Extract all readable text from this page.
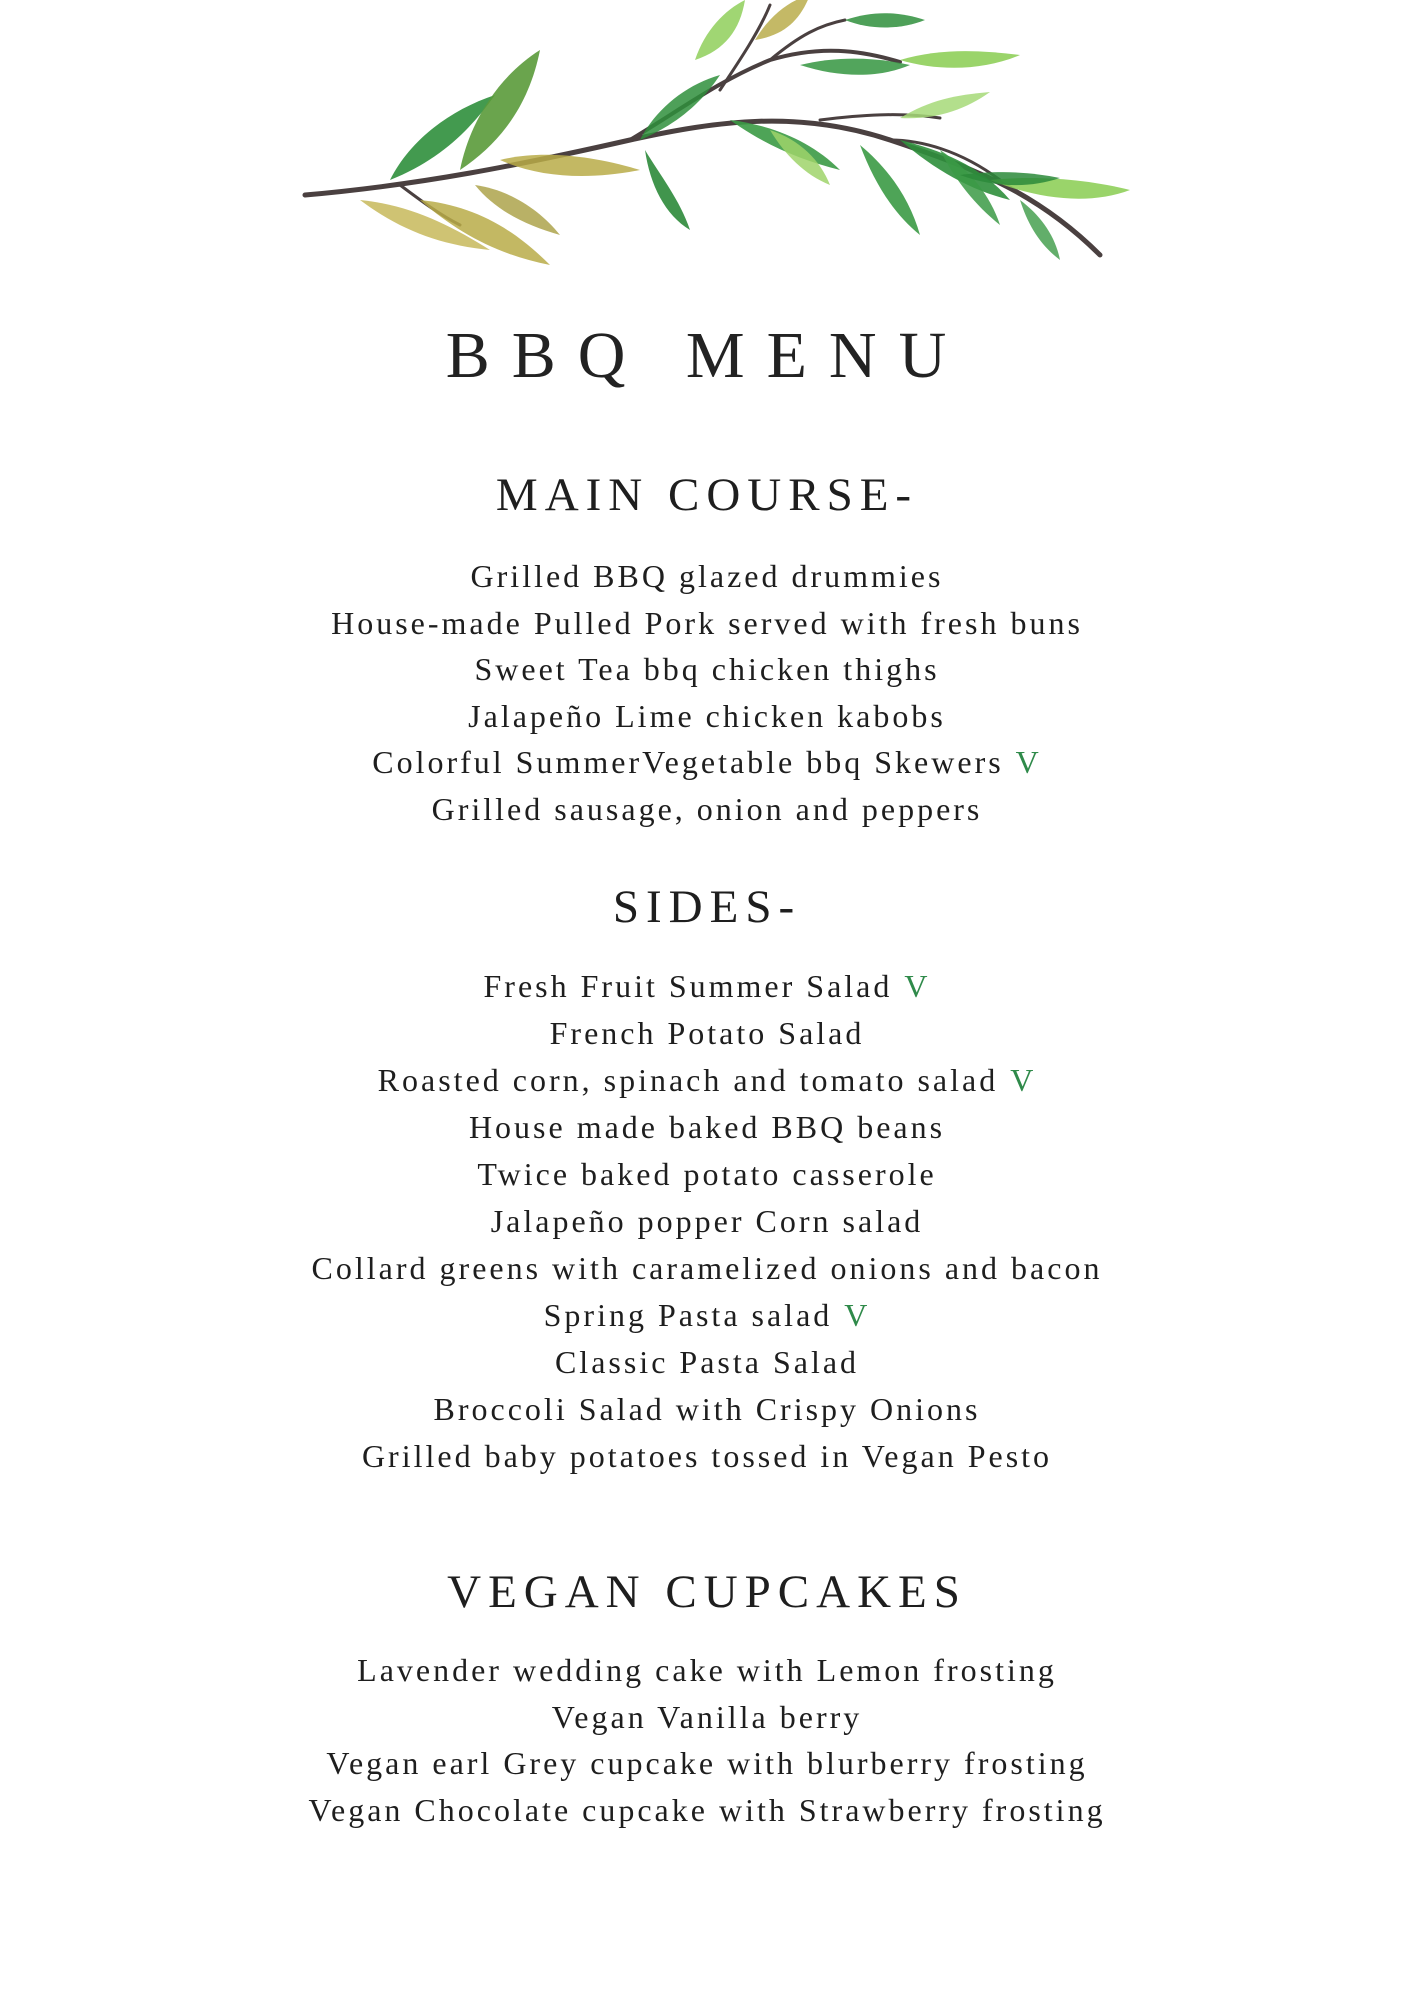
BBQ MENU
MAIN COURSE-
Grilled BBQ glazed drummies
House-made Pulled Pork served with fresh buns
Sweet Tea bbq chicken thighs
Jalapeño Lime chicken kabobs
Colorful SummerVegetable bbq Skewers V
Grilled sausage, onion and peppers
SIDES-
Fresh Fruit Summer Salad V
French Potato Salad
Roasted corn, spinach and tomato salad V
House made baked BBQ beans
Twice baked potato casserole
Jalapeño popper Corn salad
Collard greens with caramelized onions and bacon
Spring Pasta salad V
Classic Pasta Salad
Broccoli Salad with Crispy Onions
Grilled baby potatoes tossed in Vegan Pesto
VEGAN CUPCAKES
Lavender wedding cake with Lemon frosting
Vegan Vanilla berry
Vegan earl Grey cupcake with blurberry frosting
Vegan Chocolate cupcake with Strawberry frosting
